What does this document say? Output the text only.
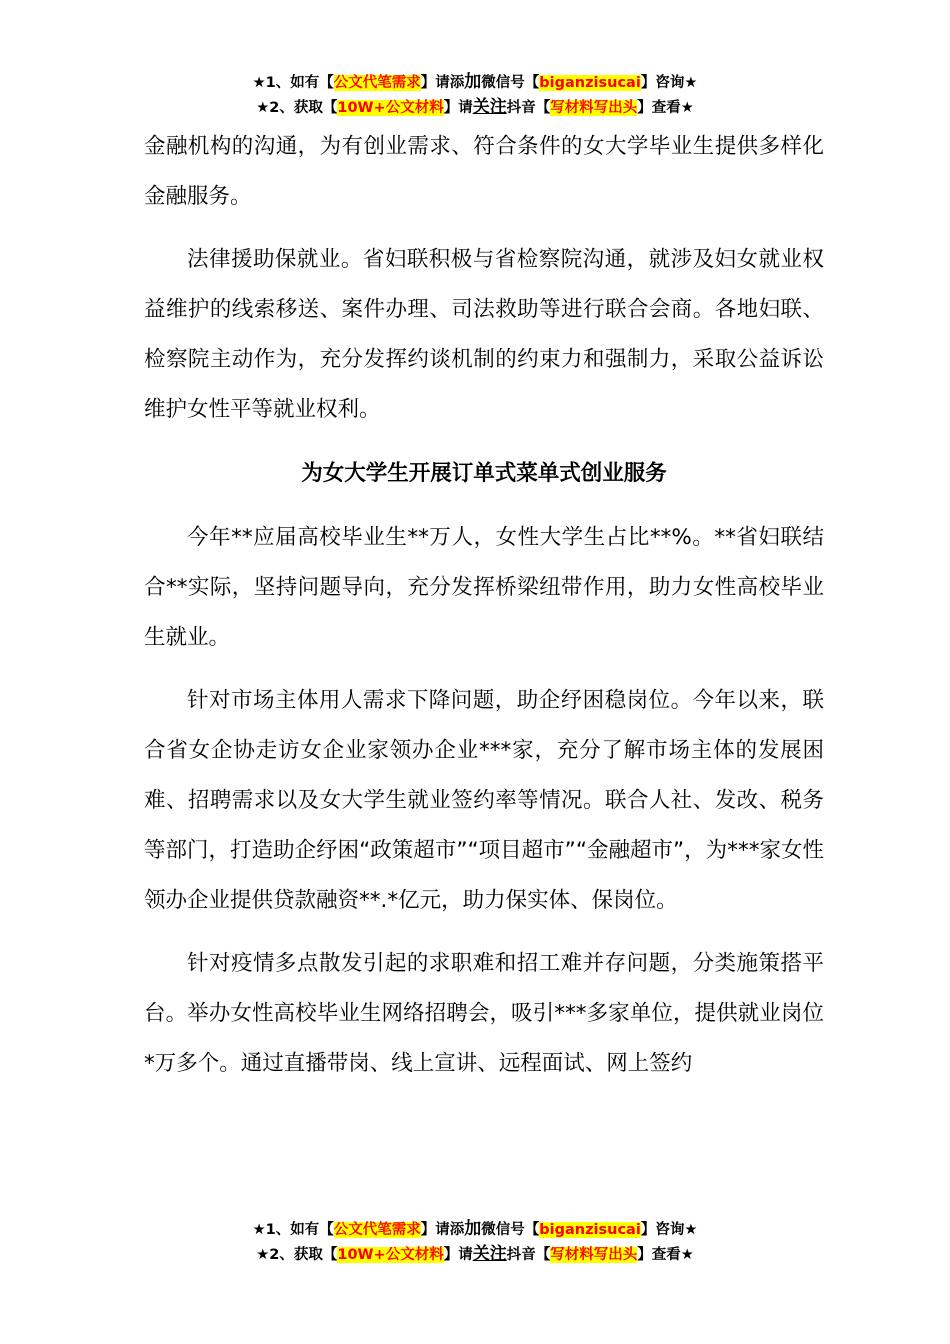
★1、如有【公文代笔需求】请添加微信号【biganzisucai】咨询★
★2、获取【10W+公文材料】请关注抖音【写材料写出头】查看★

金融机构的沟通，为有创业需求、符合条件的女大学毕业生提供多样化金融服务。

法律援助保就业。省妇联积极与省检察院沟通，就涉及妇女就业权益维护的线索移送、案件办理、司法救助等进行联合会商。各地妇联、检察院主动作为，充分发挥约谈机制的约束力和强制力，采取公益诉讼维护女性平等就业权利。

为女大学生开展订单式菜单式创业服务

今年**应届高校毕业生**万人，女性大学生占比**%。**省妇联结合**实际，坚持问题导向，充分发挥桥梁纽带作用，助力女性高校毕业生就业。

针对市场主体用人需求下降问题，助企纾困稳岗位。今年以来，联合省女企协走访女企业家领办企业***家，充分了解市场主体的发展困难、招聘需求以及女大学生就业签约率等情况。联合人社、发改、税务等部门，打造助企纾困“政策超市”“项目超市”“金融超市”，为***家女性领办企业提供贷款融资**.*亿元，助力保实体、保岗位。

针对疫情多点散发引起的求职难和招工难并存问题，分类施策搭平台。举办女性高校毕业生网络招聘会，吸引***多家单位，提供就业岗位*万多个。通过直播带岗、线上宣讲、远程面试、网上签约

★1、如有【公文代笔需求】请添加微信号【biganzisucai】咨询★
★2、获取【10W+公文材料】请关注抖音【写材料写出头】查看★
